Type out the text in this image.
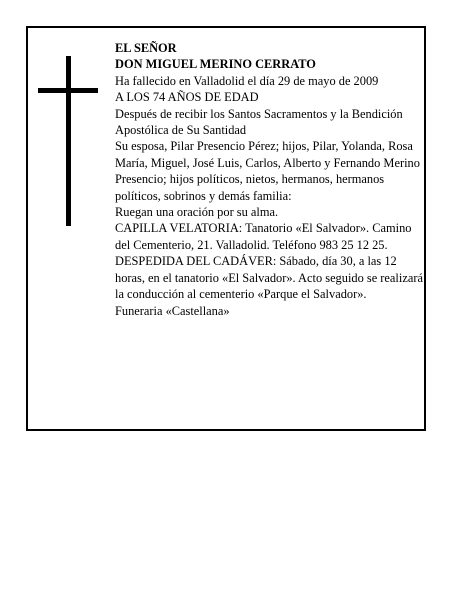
EL SEÑOR

DON MIGUEL MERINO CERRATO

Ha fallecido en Valladolid el día 29 de mayo de 2009

A LOS 74 AÑOS DE EDAD

Después de recibir los Santos Sacramentos y la Bendición Apostólica de Su Santidad

Su esposa, Pilar Presencio Pérez; hijos, Pilar, Yolanda, Rosa María, Miguel, José Luis, Carlos, Alberto y Fernando Merino Presencio; hijos políticos, nietos, hermanos, hermanos políticos, sobrinos y demás familia:

Ruegan una oración por su alma.

CAPILLA VELATORIA: Tanatorio «El Salvador». Camino del Cementerio, 21. Valladolid. Teléfono 983 25 12 25.

DESPEDIDA DEL CADÁVER: Sábado, día 30, a las 12 horas, en el tanatorio «El Salvador». Acto seguido se realizará la conducción al cementerio «Parque el Salvador».

Funeraria «Castellana»
